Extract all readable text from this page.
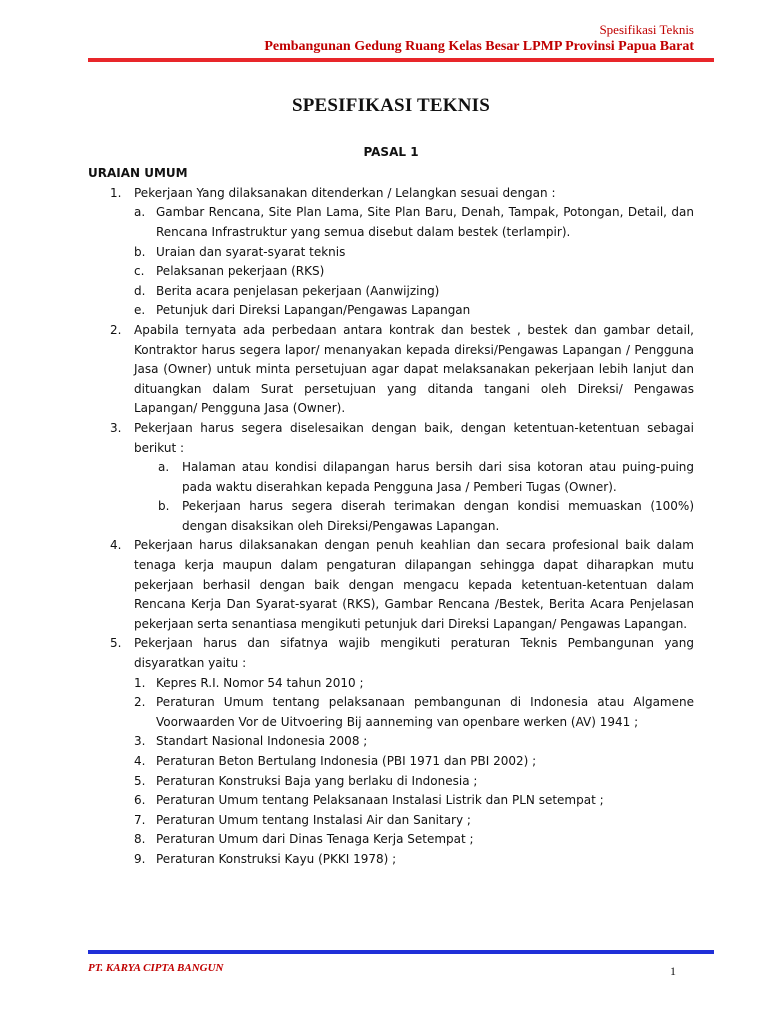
Spesifikasi Teknis
Pembangunan Gedung Ruang Kelas Besar LPMP Provinsi Papua Barat
SPESIFIKASI TEKNIS
PASAL 1
URAIAN UMUM
1. Pekerjaan Yang dilaksanakan ditenderkan / Lelangkan sesuai dengan :
a. Gambar Rencana, Site Plan Lama, Site Plan Baru, Denah, Tampak, Potongan, Detail, dan Rencana Infrastruktur yang semua disebut dalam bestek (terlampir).
b. Uraian dan syarat-syarat teknis
c. Pelaksanan pekerjaan (RKS)
d. Berita acara penjelasan pekerjaan (Aanwijzing)
e. Petunjuk dari Direksi Lapangan/Pengawas Lapangan
2. Apabila ternyata ada perbedaan antara kontrak dan bestek , bestek dan gambar detail, Kontraktor harus segera lapor/ menanyakan kepada direksi/Pengawas Lapangan / Pengguna Jasa (Owner) untuk minta persetujuan agar dapat melaksanakan pekerjaan lebih lanjut dan dituangkan dalam Surat persetujuan yang ditanda tangani oleh Direksi/ Pengawas Lapangan/ Pengguna Jasa (Owner).
3. Pekerjaan harus segera diselesaikan dengan baik, dengan ketentuan-ketentuan sebagai berikut :
a. Halaman atau kondisi dilapangan harus bersih dari sisa kotoran atau puing-puing pada waktu diserahkan kepada Pengguna Jasa / Pemberi Tugas (Owner).
b. Pekerjaan harus segera diserah terimakan dengan kondisi memuaskan (100%) dengan disaksikan oleh Direksi/Pengawas Lapangan.
4. Pekerjaan harus dilaksanakan dengan penuh keahlian dan secara profesional baik dalam tenaga kerja maupun dalam pengaturan dilapangan sehingga dapat diharapkan mutu pekerjaan berhasil dengan baik dengan mengacu kepada ketentuan-ketentuan dalam Rencana Kerja Dan Syarat-syarat (RKS), Gambar Rencana /Bestek, Berita Acara Penjelasan pekerjaan serta senantiasa mengikuti petunjuk dari Direksi Lapangan/ Pengawas Lapangan.
5. Pekerjaan harus dan sifatnya wajib mengikuti peraturan Teknis Pembangunan yang disyaratkan yaitu :
1. Kepres R.I. Nomor 54 tahun 2010 ;
2. Peraturan Umum tentang pelaksanaan pembangunan di Indonesia atau Algamene Voorwaarden Vor de Uitvoering Bij aanneming van openbare werken (AV) 1941 ;
3. Standart Nasional Indonesia 2008 ;
4. Peraturan Beton Bertulang Indonesia (PBI 1971 dan PBI 2002) ;
5. Peraturan Konstruksi Baja yang berlaku di Indonesia ;
6. Peraturan Umum tentang Pelaksanaan Instalasi Listrik dan PLN setempat ;
7. Peraturan Umum tentang Instalasi Air dan Sanitary ;
8. Peraturan Umum dari Dinas Tenaga Kerja Setempat ;
9. Peraturan Konstruksi Kayu (PKKI 1978) ;
PT. KARYA CIPTA BANGUN	1
